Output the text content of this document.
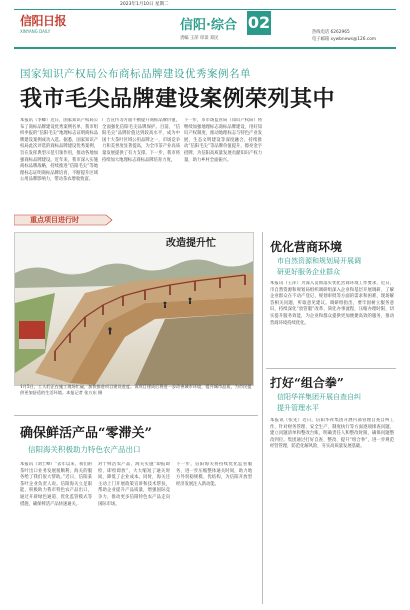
2023年1月10日 星期二
信阳日报
XINYANG DAILY	信阳·综合 02
责编 王萍 审读 邓民
热线电话 6262965
电子邮箱 xywbnews@126.com
国家知识产权局公布商标品牌建设优秀案例名单
我市毛尖品牌建设案例荣列其中
本报讯（李卿）近日，国家知识产权局公布了商标品牌建设优秀案例名单，我市组织申报的“信阳毛尖”地理标志证明商标品牌建设案例成功入选。据悉，国家知识产权局此次评选的商标品牌建设优秀案例，旨在发挥典型示范引领作用，推动各地加强商标品牌建设。近年来，我市深入实施商标品牌战略，持续推进“信阳毛尖”等地理标志证明商标品牌培育，不断提升区域公用品牌影响力，带动茶农增收致富。
广告宣传等方面不断提升商标品牌价值，全面强化信阳毛尖品牌保护。目前，“信阳毛尖”品牌价值达到较高水平，成为中国十大茶叶区域公用品牌之一，市场竞争力和美誉度显著提高，为全市茶产业高质量发展提供了有力支撑。下一步，我市将持续加大地理标志商标品牌培育力度。
下一步，市市场监管局（知识产权局）将继续加强地理标志商标品牌建设，用好知识产权制度，推动地理标志与特色产业发展、生态文明建设等深度融合，持续推动“信阳毛尖”等品牌价值提升，擦亮金字招牌，为信阳高质量发展贡献知识产权力量，助力乡村全面振兴。
优化营商环境
市自然资源和规划局开展调
研更好服务企业群众
本报讯（王萍）为深入贯彻落实优化营商环境工作要求，近日，市自然资源和规划局组织调研组深入企业和基层开展调研，了解企业群众在不动产登记、规划审批等方面的需求和困难，现场解答相关问题，听取意见建议。调研组指出，要牢固树立服务意识，持续深化“放管服”改革，简化办事流程，压缩办理时限，切实提升服务效能，为企业和群众提供更加便捷高效的服务，推动营商环境持续优化。
重点项目进行时
改造提升忙
1月5日，工人们正在施工现场忙碌，加快推进项目建设进度。该项目建成后将进一步改善城市环境，提升城市品质，为市民提供更加舒适的生活环境。本报记者 张万东 摄
打好“组合拳”
信阳华祥集团开展自查自纠
提升管理水平
本报讯（张先）近日，信阳华祥集团开展内部管理自查自纠工作，针对财务管理、安全生产、制度执行等方面逐项排查问题，建立问题清单和整改台账，明确责任人和整改时限，确保问题整改到位。集团通过打好自查、整改、提升“组合拳”，进一步规范经营管理，防范化解风险，夯实高质量发展基础。
确保鲜活产品“零滞关”
信阳海关积极助力特色农产品出口
本报讯（刘士峰）“去年以来，我们的茶叶出口业务发展很顺利，海关的服务给了我们很大帮助。”近日，信阳某茶叶企业负责人说。信阳海关立足职能，积极助力我市特色农产品出口，通过开辟绿色通道、优化监管模式等措施，确保鲜活产品快速通关。
对于鲜活农产品，海关实施“即报即检、即检即放”，大大缩短了通关时间，降低了企业成本。同时，海关还主动上门开展政策宣讲和技术帮扶，帮助企业提升产品质量，增强国际竞争力，推动更多信阳特色农产品走向国际市场。
下一步，信阳海关将持续优化监管服务，进一步压缩整体通关时间，助力地方外贸稳规模、优结构，为信阳开放型经济发展注入新动能。
